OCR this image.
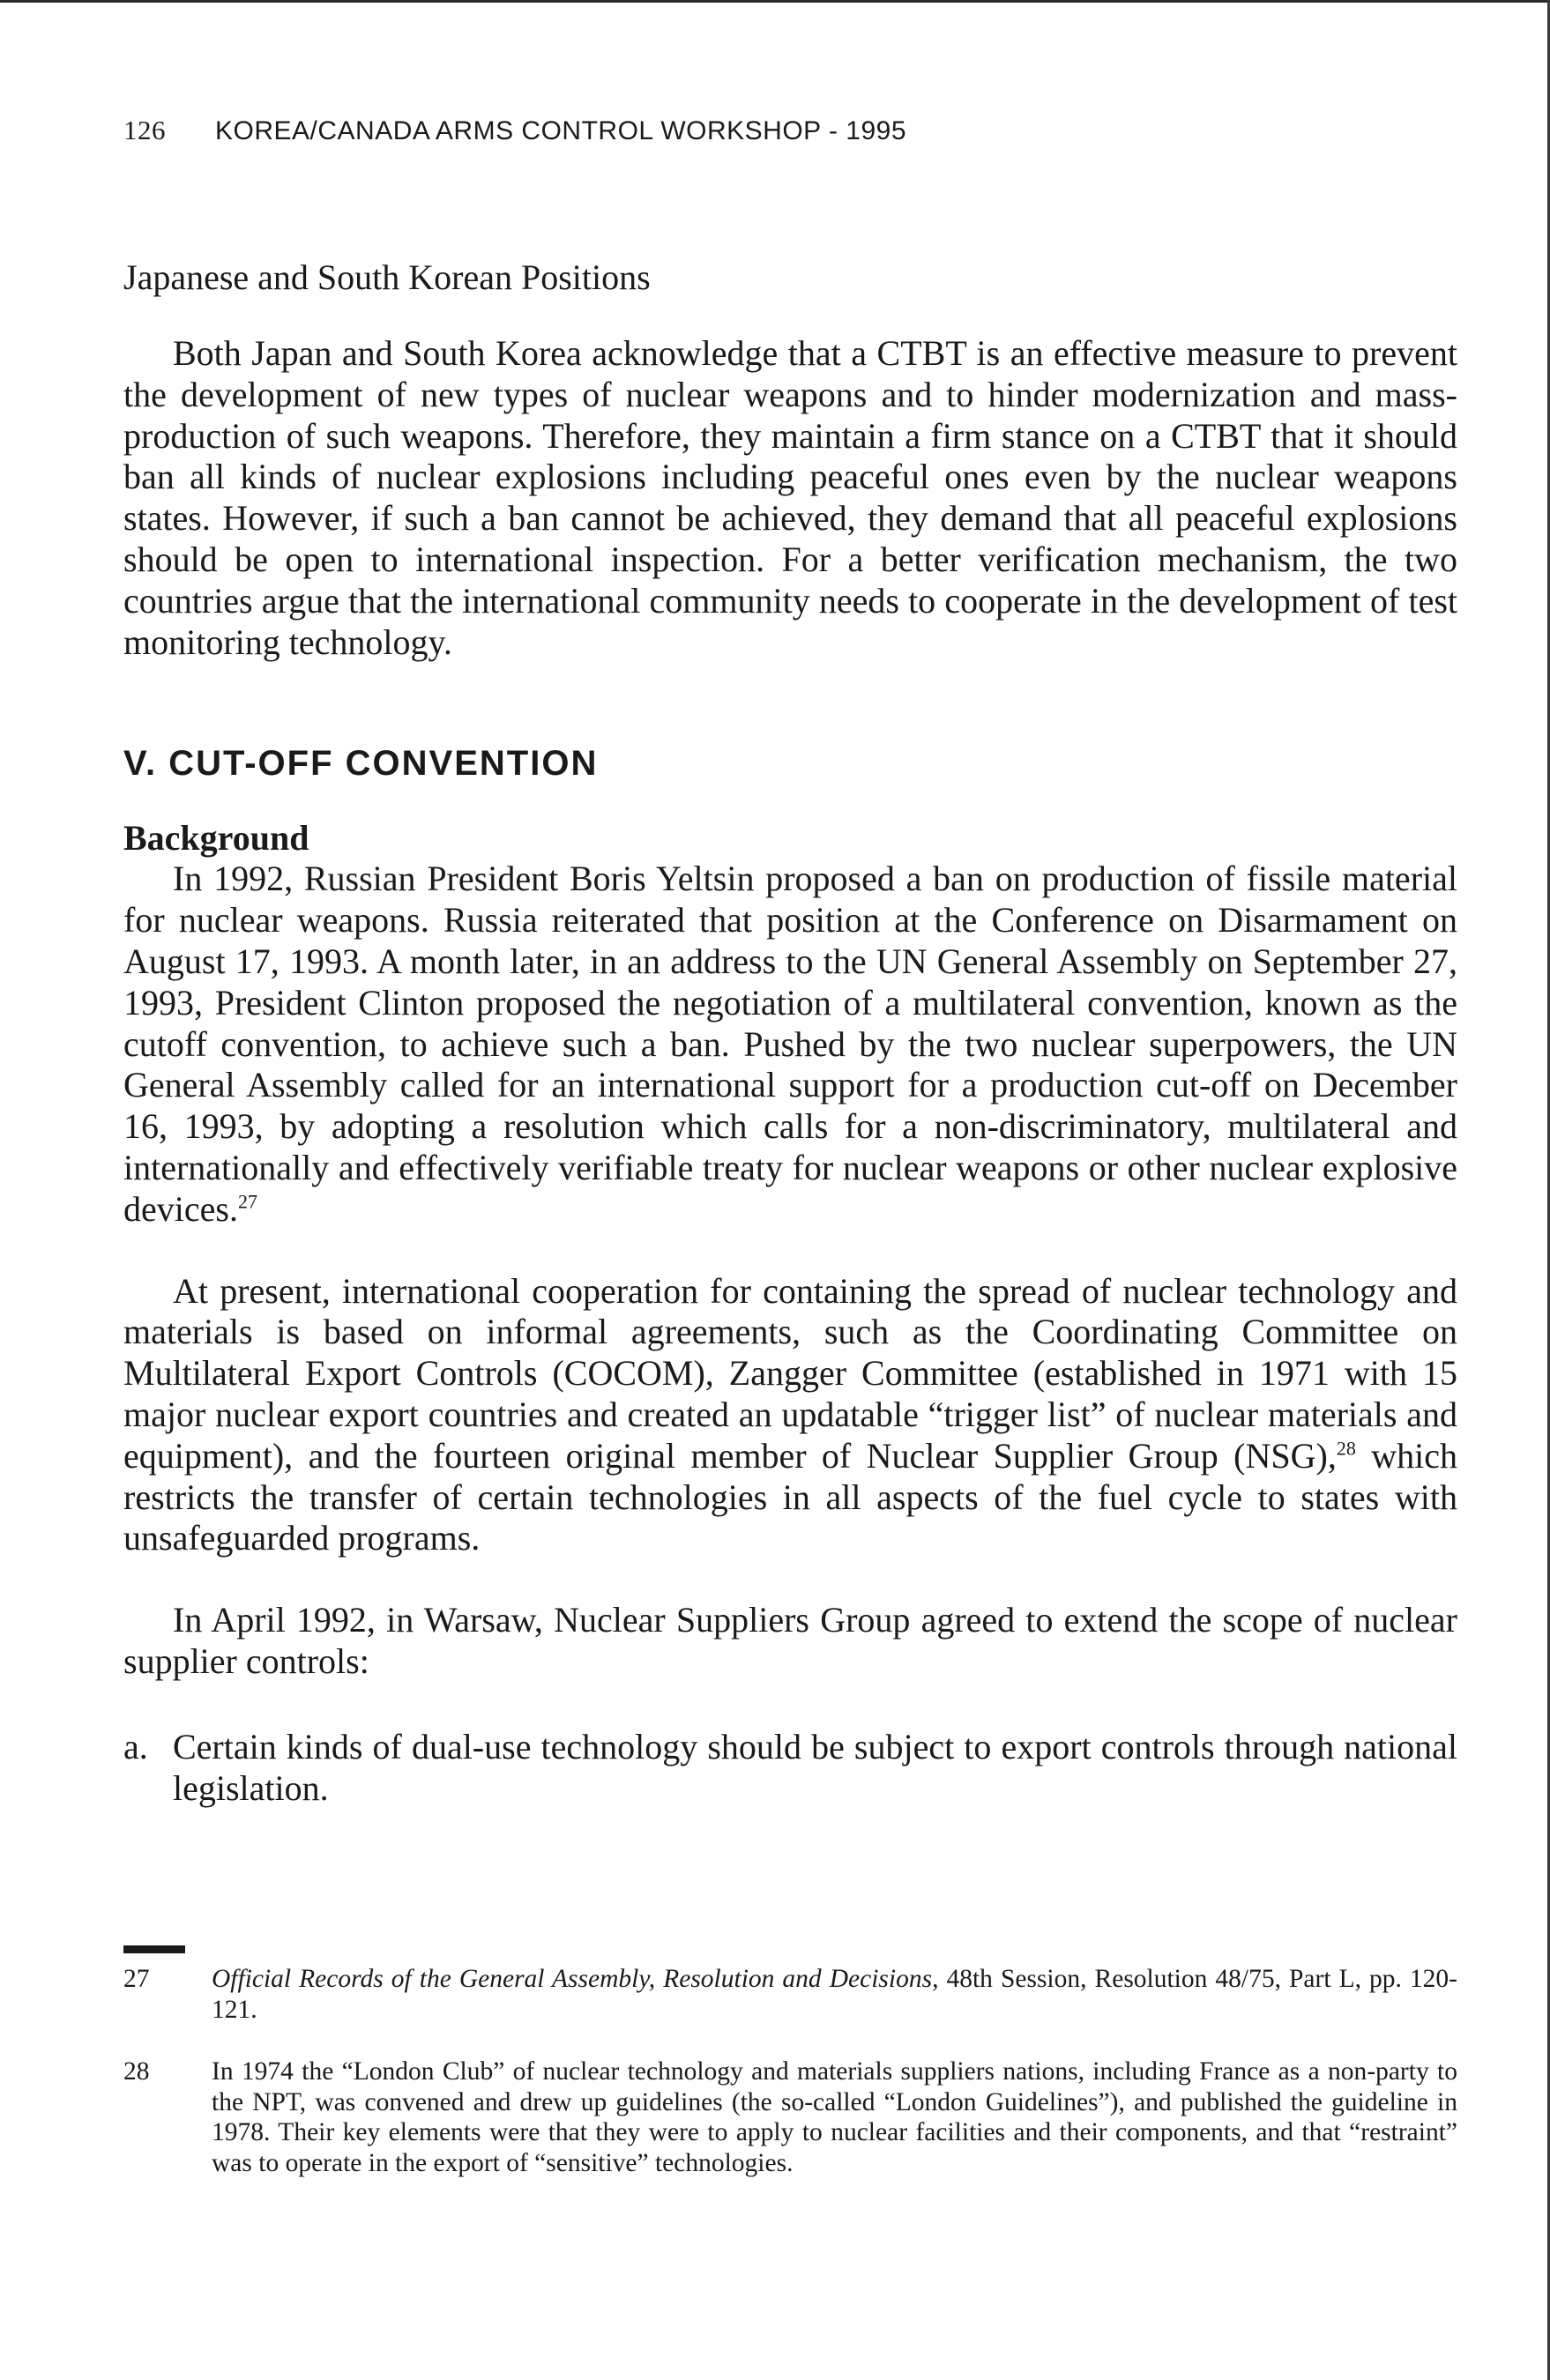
126 KOREA/CANADA ARMS CONTROL WORKSHOP - 1995
Japanese and South Korean Positions

Both Japan and South Korea acknowledge that a CTBT is an effective measure to prevent the development of new types of nuclear weapons and to hinder modernization and mass-production of such weapons. Therefore, they maintain a firm stance on a CTBT that it should ban all kinds of nuclear explosions including peaceful ones even by the nuclear weapons states. However, if such a ban cannot be achieved, they demand that all peaceful explosions should be open to international inspection. For a better verification mechanism, the two countries argue that the international community needs to cooperate in the development of test monitoring technology.

V. CUT-OFF CONVENTION
Background

In 1992, Russian President Boris Yeltsin proposed a ban on production of fissile material for nuclear weapons. Russia reiterated that position at the Conference on Disarmament on August 17, 1993. A month later, in an address to the UN General Assembly on September 27, 1993, President Clinton proposed the negotiation of a multilateral convention, known as the cutoff convention, to achieve such a ban. Pushed by the two nuclear superpowers, the UN General Assembly called for an international support for a production cut-off on December 16, 1993, by adopting a resolution which calls for a non-discriminatory, multilateral and internationally and effectively verifiable treaty for nuclear weapons or other nuclear explosive devices.$^{27}$

At present, international cooperation for containing the spread of nuclear technology and materials is based on informal agreements, such as the Coordinating Committee on Multilateral Export Controls (COCOM), Zangger Committee (established in 1971 with 15 major nuclear export countries and created an updatable “trigger list” of nuclear materials and equipment), and the fourteen original member of Nuclear Supplier Group (NSG),$^{28}$ which restricts the transfer of certain technologies in all aspects of the fuel cycle to states with unsafeguarded programs.

In April 1992, in Warsaw, Nuclear Suppliers Group agreed to extend the scope of nuclear supplier controls:

a. Certain kinds of dual-use technology should be subject to export controls through national legislation.
27	Official Records of the General Assembly, Resolution and Decisions, 48th Session, Resolution 48/75, Part L, pp. 120-121.
28	In 1974 the “London Club” of nuclear technology and materials suppliers nations, including France as a non-party to the NPT, was convened and drew up guidelines (the so-called “London Guidelines”), and published the guideline in 1978. Their key elements were that they were to apply to nuclear facilities and their components, and that “restraint” was to operate in the export of “sensitive” technologies.
